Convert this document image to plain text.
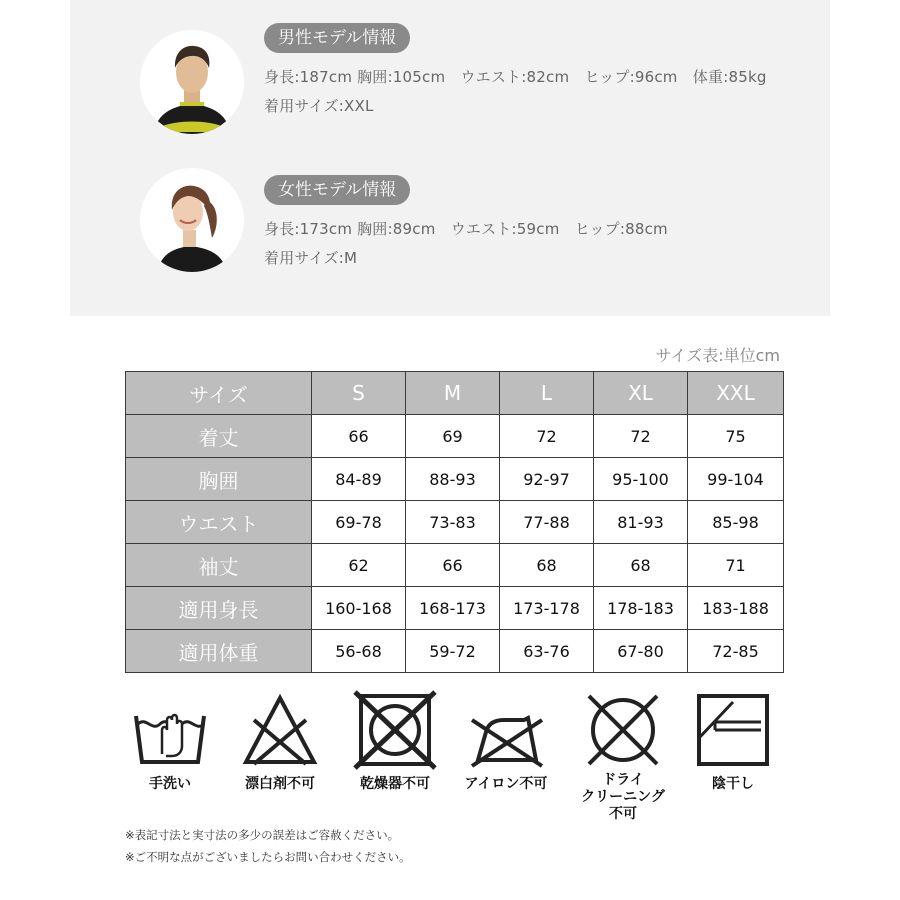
男性モデル情報
身長:187cm 胸囲:105cm　ウエスト:82cm　ヒップ:96cm　体重:85kg
着用サイズ:XXL
女性モデル情報
身長:173cm 胸囲:89cm　ウエスト:59cm　ヒップ:88cm
着用サイズ:M
サイズ表:単位cm
サイズ	S	M	L	XL	XXL
着丈	66	69	72	72	75
胸囲	84-89	88-93	92-97	95-100	99-104
ウエスト	69-78	73-83	77-88	81-93	85-98
袖丈	62	66	68	68	71
適用身長	160-168	168-173	173-178	178-183	183-188
適用体重	56-68	59-72	63-76	67-80	72-85
手洗い	漂白剤不可	乾燥器不可	アイロン不可	ドライ
クリーニング
不可
陰干し
※表記寸法と実寸法の多少の誤差はご容赦ください。
※ご不明な点がございましたらお問い合わせください。
